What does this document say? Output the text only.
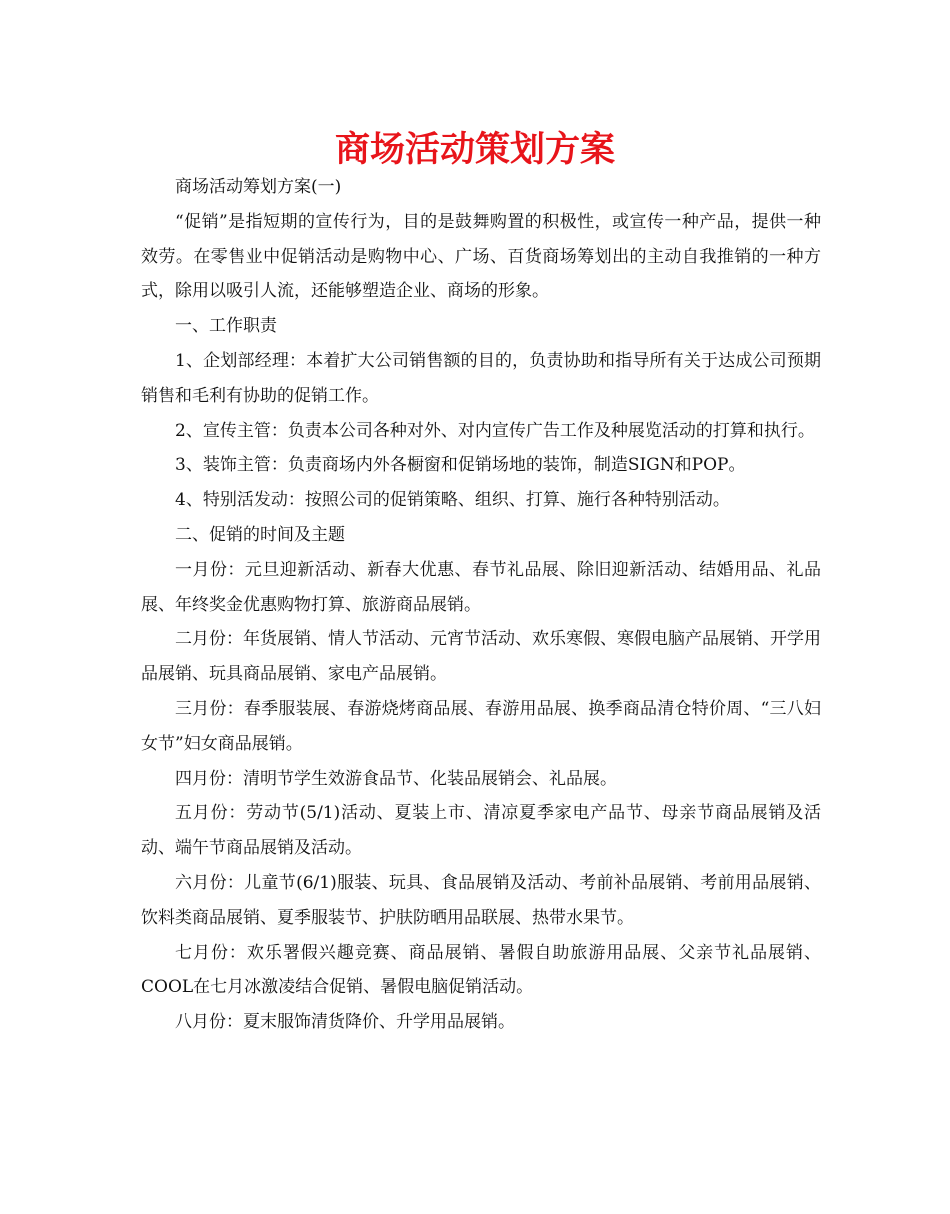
商场活动策划方案

商场活动筹划方案(一)

“促销”是指短期的宣传行为，目的是鼓舞购置的积极性，或宣传一种产品，提供一种效劳。在零售业中促销活动是购物中心、广场、百货商场筹划出的主动自我推销的一种方式，除用以吸引人流，还能够塑造企业、商场的形象。

一、工作职责

1、企划部经理：本着扩大公司销售额的目的，负责协助和指导所有关于达成公司预期销售和毛利有协助的促销工作。

2、宣传主管：负责本公司各种对外、对内宣传广告工作及种展览活动的打算和执行。

3、装饰主管：负责商场内外各橱窗和促销场地的装饰，制造SIGN和POP。

4、特别活发动：按照公司的促销策略、组织、打算、施行各种特别活动。

二、促销的时间及主题

一月份：元旦迎新活动、新春大优惠、春节礼品展、除旧迎新活动、结婚用品、礼品展、年终奖金优惠购物打算、旅游商品展销。

二月份：年货展销、情人节活动、元宵节活动、欢乐寒假、寒假电脑产品展销、开学用品展销、玩具商品展销、家电产品展销。

三月份：春季服装展、春游烧烤商品展、春游用品展、换季商品清仓特价周、“三八妇女节”妇女商品展销。

四月份：清明节学生效游食品节、化装品展销会、礼品展。

五月份：劳动节(5/1)活动、夏装上市、清凉夏季家电产品节、母亲节商品展销及活动、端午节商品展销及活动。

六月份：儿童节(6/1)服装、玩具、食品展销及活动、考前补品展销、考前用品展销、饮料类商品展销、夏季服装节、护肤防晒用品联展、热带水果节。

七月份：欢乐署假兴趣竞赛、商品展销、暑假自助旅游用品展、父亲节礼品展销、COOL在七月冰激凌结合促销、暑假电脑促销活动。

八月份：夏末服饰清货降价、升学用品展销。
